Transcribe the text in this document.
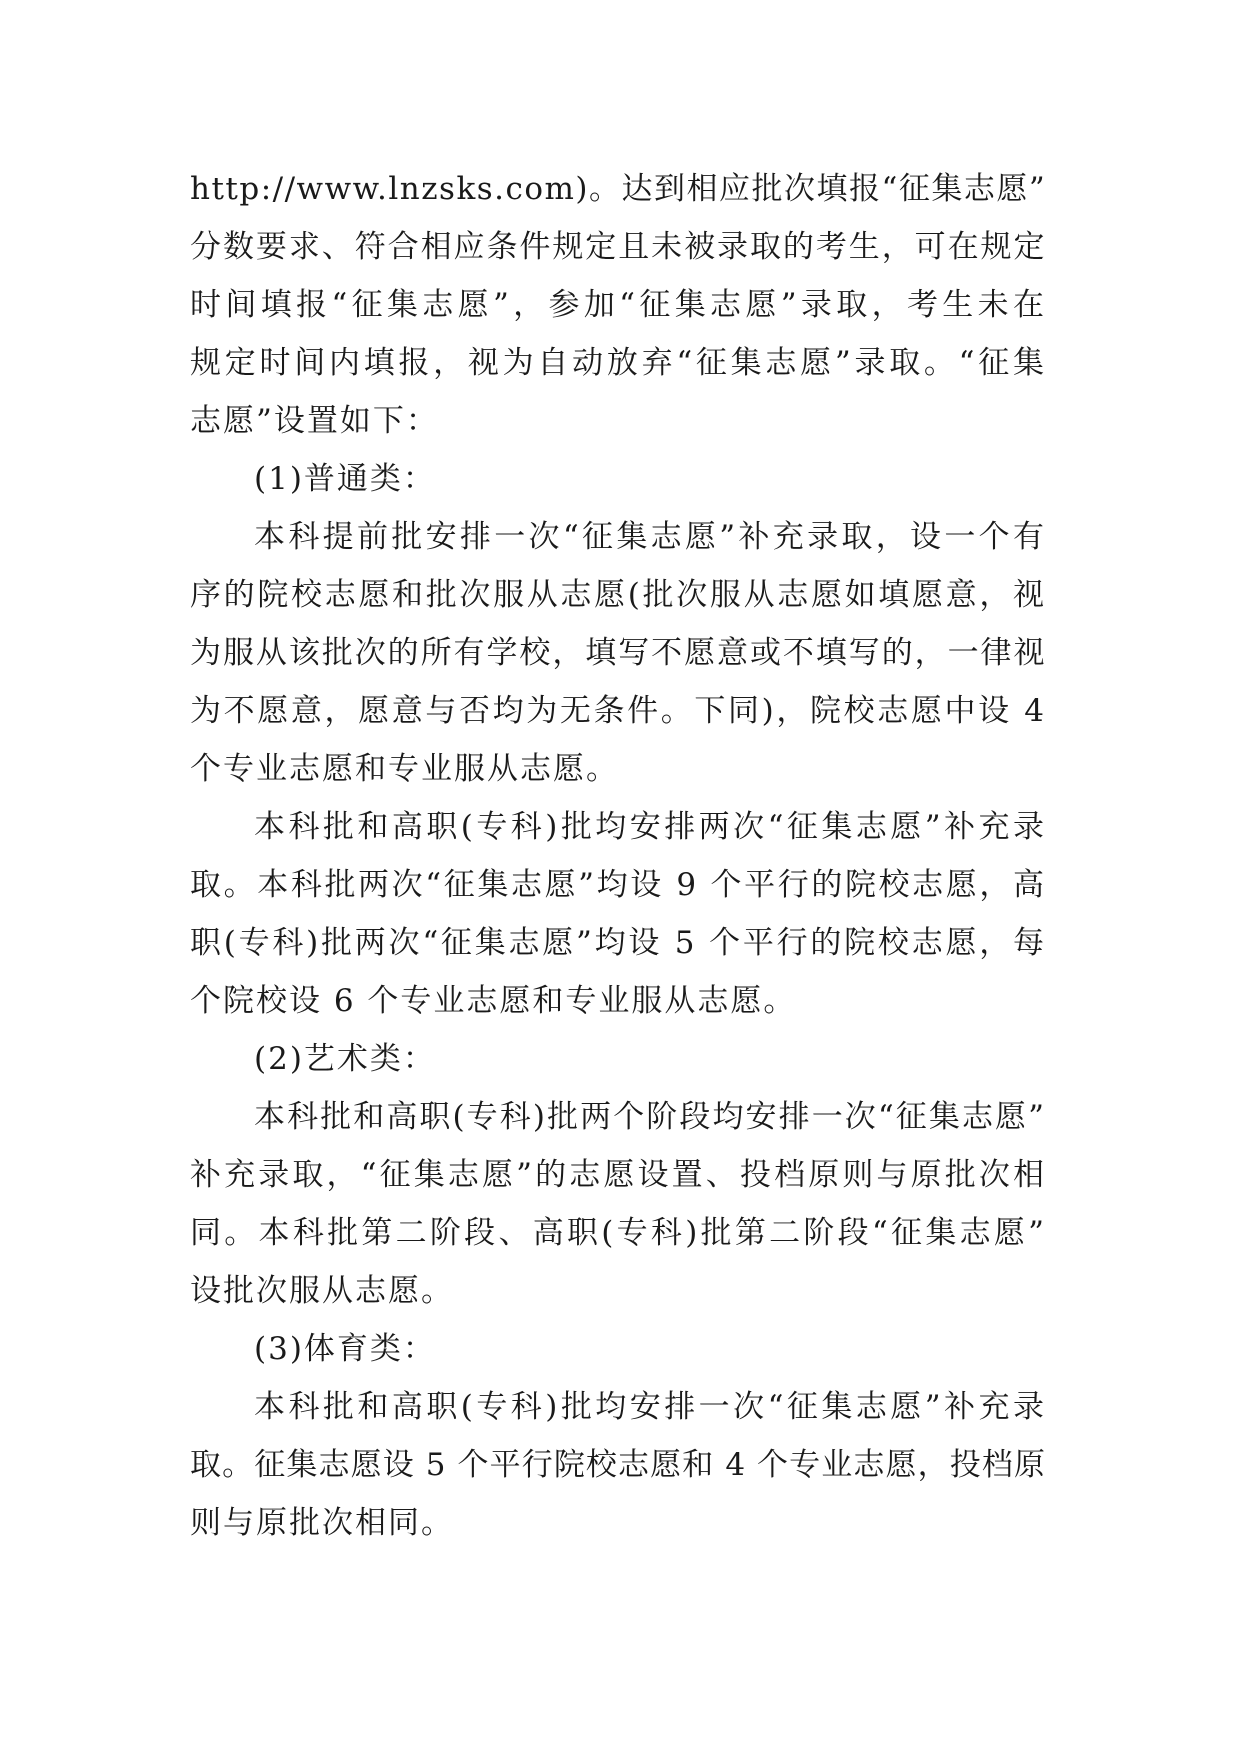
http://www.lnzsks.com)。达到相应批次填报“征集志愿”
分数要求、符合相应条件规定且未被录取的考生，可在规定
时间填报“征集志愿”，参加“征集志愿”录取，考生未在
规定时间内填报，视为自动放弃“征集志愿”录取。“征集
志愿”设置如下：
(1)普通类：
本科提前批安排一次“征集志愿”补充录取，设一个有
序的院校志愿和批次服从志愿(批次服从志愿如填愿意，视
为服从该批次的所有学校，填写不愿意或不填写的，一律视
为不愿意，愿意与否均为无条件。下同)，院校志愿中设 4
个专业志愿和专业服从志愿。
本科批和高职(专科)批均安排两次“征集志愿”补充录
取。本科批两次“征集志愿”均设 9 个平行的院校志愿，高
职(专科)批两次“征集志愿”均设 5 个平行的院校志愿，每
个院校设 6 个专业志愿和专业服从志愿。
(2)艺术类：
本科批和高职(专科)批两个阶段均安排一次“征集志愿”
补充录取，“征集志愿”的志愿设置、投档原则与原批次相
同。本科批第二阶段、高职(专科)批第二阶段“征集志愿”
设批次服从志愿。
(3)体育类：
本科批和高职(专科)批均安排一次“征集志愿”补充录
取。征集志愿设 5 个平行院校志愿和 4 个专业志愿，投档原
则与原批次相同。
